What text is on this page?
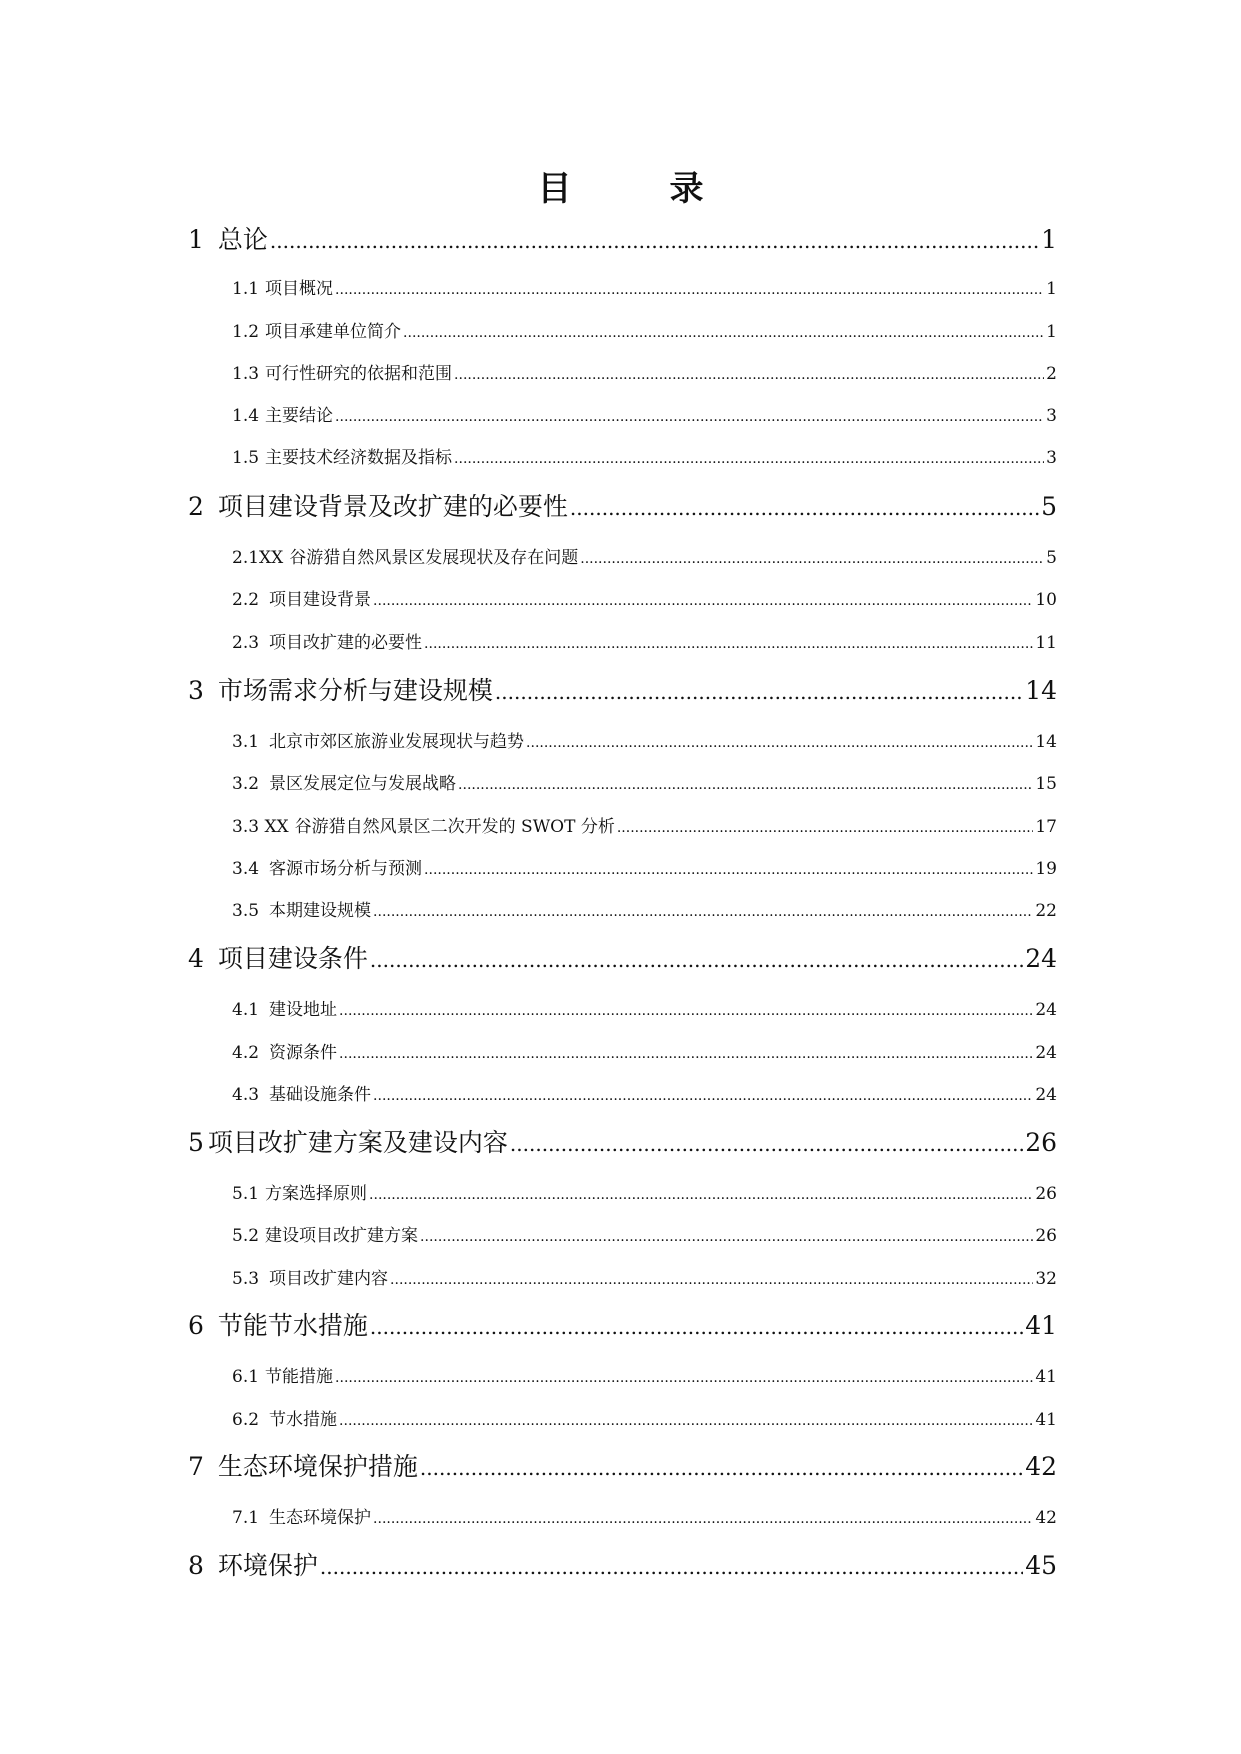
目	录
1 总论 .....	1
1.1 项目概况 .....	1
1.2 项目承建单位简介 .....	1
1.3 可行性研究的依据和范围 .....	2
1.4 主要结论 .....	3
1.5 主要技术经济数据及指标 .....	3
2 项目建设背景及改扩建的必要性 .....	5
2.1XX 谷游猎自然风景区发展现状及存在问题 .....	5
2.2 项目建设背景 .....	10
2.3 项目改扩建的必要性 .....	11
3 市场需求分析与建设规模 .....	14
3.1 北京市郊区旅游业发展现状与趋势 .....	14
3.2 景区发展定位与发展战略 .....	15
3.3 XX 谷游猎自然风景区二次开发的 SWOT 分析 .....	17
3.4 客源市场分析与预测 .....	19
3.5 本期建设规模 .....	22
4 项目建设条件 .....	24
4.1 建设地址 .....	24
4.2 资源条件 .....	24
4.3 基础设施条件 .....	24
5 项目改扩建方案及建设内容 .....	26
5.1 方案选择原则 .....	26
5.2 建设项目改扩建方案 .....	26
5.3 项目改扩建内容 .....	32
6 节能节水措施 .....	41
6.1 节能措施 .....	41
6.2 节水措施 .....	41
7 生态环境保护措施 .....	42
7.1 生态环境保护 .....	42
8 环境保护 .....	45
